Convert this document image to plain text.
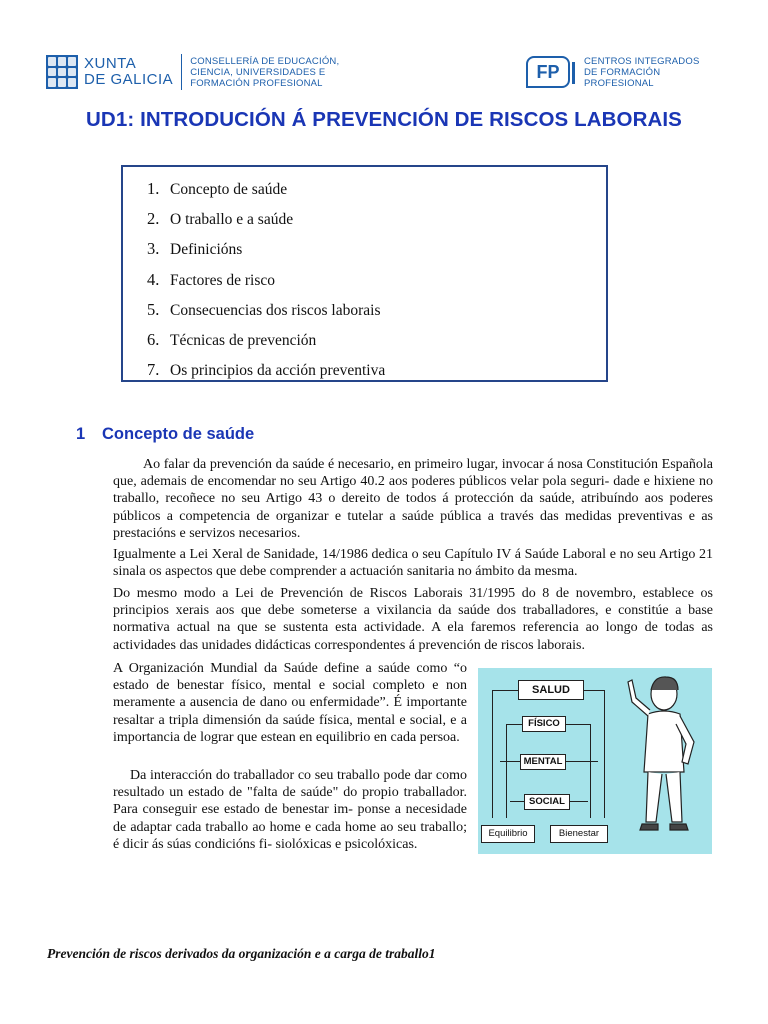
XUNTA
DE GALICIA
CONSELLERÍA DE EDUCACIÓN,
CIENCIA, UNIVERSIDADES E
FORMACIÓN PROFESIONAL
FP
CENTROS INTEGRADOS
DE FORMACIÓN
PROFESIONAL
UD1: INTRODUCIÓN Á PREVENCIÓN DE RISCOS LABORAIS
1. Concepto de saúde
2. O traballo e a saúde
3. Definicións
4. Factores de risco
5. Consecuencias dos riscos laborais
6. Técnicas de prevención
7. Os principios da acción preventiva
1 Concepto de saúde
Ao falar da prevención da saúde é necesario, en primeiro lugar, invocar á nosa Constitución Española que, ademais de encomendar no seu Artigo 40.2 aos poderes públicos velar pola seguri- dade e hixiene no traballo, recoñece no seu Artigo 43 o dereito de todos á protección da saúde, atribuíndo aos poderes públicos a competencia de organizar e tutelar a saúde pública a través das medidas preventivas e as prestacións e servizos necesarios.
Igualmente a Lei Xeral de Sanidade, 14/1986 dedica o seu Capítulo IV á Saúde Laboral e no seu Artigo 21 sinala os aspectos que debe comprender a actuación sanitaria no ámbito da mesma.
Do mesmo modo a Lei de Prevención de Riscos Laborais 31/1995 do 8 de novembro, establece os principios xerais aos que debe someterse a vixilancia da saúde dos traballadores, e constitúe a base normativa actual na que se sustenta esta actividade. A ela faremos referencia ao longo de todas as actividades das unidades didácticas correspondentes á prevención de riscos laborais.
A Organización Mundial da Saúde define a saúde como “o estado de benestar físico, mental e social completo e non meramente a ausencia de dano ou enfermidade”. É importante resaltar a tripla dimensión da saúde física, mental e social, e a importancia de lograr que estean en equilibrio en cada persoa.
Da interacción do traballador co seu traballo pode dar como resultado un estado de "falta de saúde" do propio traballador. Para conseguir ese estado de benestar im- ponse a necesidade de adaptar cada traballo ao home e cada home ao seu traballo; é dicir ás súas condicións fi- siolóxicas e psicolóxicas.
SALUD
FÍSICO
MENTAL
SOCIAL
Equilibrio	Bienestar
Prevención de riscos derivados da organización e a carga de traballo1
